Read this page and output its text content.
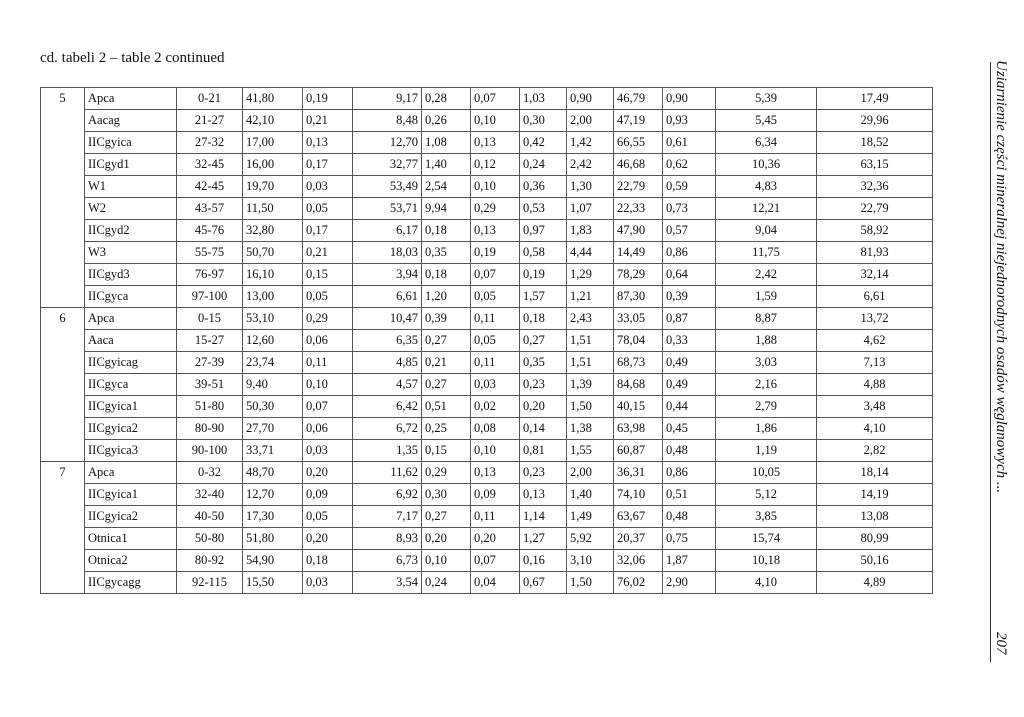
cd. tabeli 2 – table 2 continued
5	Apca	0-21	41,80	0,19	9,17	0,28	0,07	1,03	0,90	46,79	0,90	5,39	17,49
	Aacag	21-27	42,10	0,21	8,48	0,26	0,10	0,30	2,00	47,19	0,93	5,45	29,96
	IICgyica	27-32	17,00	0,13	12,70	1,08	0,13	0,42	1,42	66,55	0,61	6,34	18,52
	IICgyd1	32-45	16,00	0,17	32,77	1,40	0,12	0,24	2,42	46,68	0,62	10,36	63,15
	W1	42-45	19,70	0,03	53,49	2,54	0,10	0,36	1,30	22,79	0,59	4,83	32,36
	W2	43-57	11,50	0,05	53,71	9,94	0,29	0,53	1,07	22,33	0,73	12,21	22,79
	IICgyd2	45-76	32,80	0,17	6,17	0,18	0,13	0,97	1,83	47,90	0,57	9,04	58,92
	W3	55-75	50,70	0,21	18,03	0,35	0,19	0,58	4,44	14,49	0,86	11,75	81,93
	IICgyd3	76-97	16,10	0,15	3,94	0,18	0,07	0,19	1,29	78,29	0,64	2,42	32,14
	IICgyca	97-100	13,00	0,05	6,61	1,20	0,05	1,57	1,21	87,30	0,39	1,59	6,61
6	Apca	0-15	53,10	0,29	10,47	0,39	0,11	0,18	2,43	33,05	0,87	8,87	13,72
	Aaca	15-27	12,60	0,06	6,35	0,27	0,05	0,27	1,51	78,04	0,33	1,88	4,62
	IICgyicag	27-39	23,74	0,11	4,85	0,21	0,11	0,35	1,51	68,73	0,49	3,03	7,13
	IICgyca	39-51	9,40	0,10	4,57	0,27	0,03	0,23	1,39	84,68	0,49	2,16	4,88
	IICgyica1	51-80	50,30	0,07	6,42	0,51	0,02	0,20	1,50	40,15	0,44	2,79	3,48
	IICgyica2	80-90	27,70	0,06	6,72	0,25	0,08	0,14	1,38	63,98	0,45	1,86	4,10
	IICgyica3	90-100	33,71	0,03	1,35	0,15	0,10	0,81	1,55	60,87	0,48	1,19	2,82
7	Apca	0-32	48,70	0,20	11,62	0,29	0,13	0,23	2,00	36,31	0,86	10,05	18,14
	IICgyica1	32-40	12,70	0,09	6,92	0,30	0,09	0,13	1,40	74,10	0,51	5,12	14,19
	IICgyica2	40-50	17,30	0,05	7,17	0,27	0,11	1,14	1,49	63,67	0,48	3,85	13,08
	Otnica1	50-80	51,80	0,20	8,93	0,20	0,20	1,27	5,92	20,37	0,75	15,74	80,99
	Otnica2	80-92	54,90	0,18	6,73	0,10	0,07	0,16	3,10	32,06	1,87	10,18	50,16
	IICgycagg	92-115	15,50	0,03	3,54	0,24	0,04	0,67	1,50	76,02	2,90	4,10	4,89
Uziarnienie części mineralnej niejednorodnych osadów węglanowych ...
207
